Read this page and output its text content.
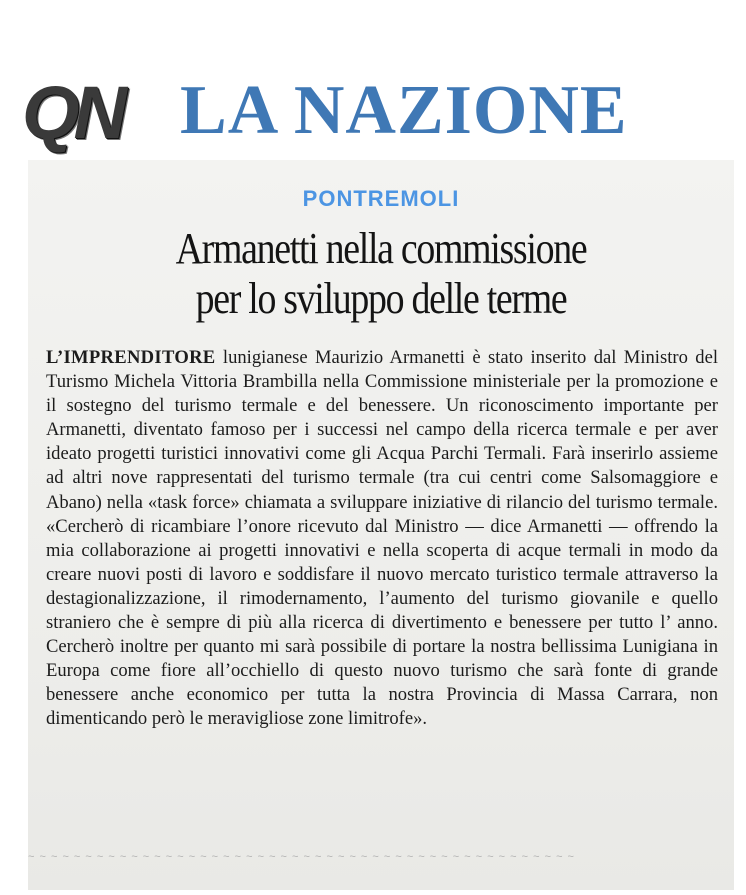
QN LA NAZIONE
PONTREMOLI
Armanetti nella commissione
per lo sviluppo delle terme
L’IMPRENDITORE lunigianese Maurizio Armanetti è stato inserito dal Ministro del Turismo Michela Vittoria Brambilla nella Commissione ministeriale per la promozione e il sostegno del turismo termale e del benessere. Un riconoscimento importante per Armanetti, diventato famoso per i successi nel campo della ricerca termale e per aver ideato progetti turistici innovativi come gli Acqua Parchi Termali. Farà inserirlo assieme ad altri nove rappresentati del turismo termale (tra cui centri come Salsomaggiore e Abano) nella «task force» chiamata a sviluppare iniziative di rilancio del turismo termale. «Cercherò di ricambiare l’onore ricevuto dal Ministro — dice Armanetti — offrendo la mia collaborazione ai progetti innovativi e nella scoperta di acque termali in modo da creare nuovi posti di lavoro e soddisfare il nuovo mercato turistico termale attraverso la destagionalizzazione, il rimodernamento, l’aumento del turismo giovanile e quello straniero che è sempre di più alla ricerca di divertimento e benessere per tutto l’ anno. Cercherò inoltre per quanto mi sarà possibile di portare la nostra bellissima Lunigiana in Europa come fiore all’occhiello di questo nuovo turismo che sarà fonte di grande benessere anche economico per tutta la nostra Provincia di Massa Carrara, non dimenticando però le meravigliose zone limitrofe».
~ ~ ~ ~ ~ ~ ~ ~ ~ ~ ~ ~ ~ ~ ~ ~ ~ ~ ~ ~ ~ ~ ~ ~ ~ ~ ~ ~ ~ ~ ~ ~ ~ ~ ~ ~ ~ ~ ~ ~ ~ ~ ~ ~ ~ ~ ~ ~
